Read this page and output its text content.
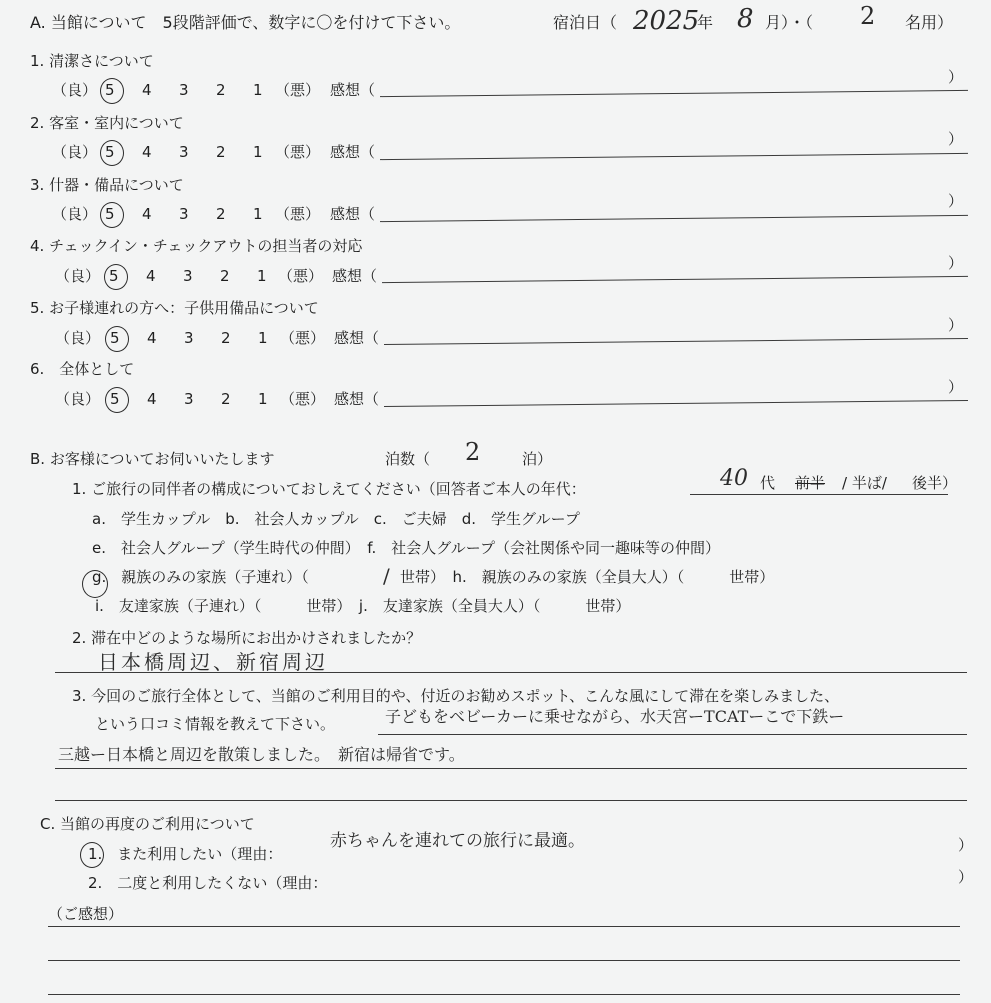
A. 当館について　5段階評価で、数字に〇を付けて下さい。	宿泊日（ 2025
年 8 月）・（ 2 名用）
1. 清潔さについて
（良） 5 4 3 2 1 （悪） 感想（
）
2. 客室・室内について
（良） 5 4 3 2 1 （悪） 感想（
）
3. 什器・備品について
（良） 5 4 3 2 1 （悪） 感想（
）
4. チェックイン・チェックアウトの担当者の対応
（良） 5 4 3 2 1 （悪） 感想（
）
5. お子様連れの方へ：子供用備品について
（良） 5 4 3 2 1 （悪） 感想（
）
6.　全体として
（良） 5 4 3 2 1 （悪） 感想（
）
B. お客様についてお伺いいたします	泊数（ 2	泊）
1. ご旅行の同伴者の構成についておしえてください（回答者ご本人の年代：	40 代 前半 / 半ば/ 後半）
a.　学生カップル　b.　社会人カップル　c.　ご夫婦　d.　学生グループ
e.　社会人グループ（学生時代の仲間）　f.　社会人グループ（会社関係や同一趣味等の仲間）
g.　親族のみの家族（子連れ）（	/ 世帯）　h.　親族のみの家族（全員大人）（　　　世帯）
i.　友達家族（子連れ）（　　　世帯）　j.　友達家族（全員大人）（　　　世帯）
2. 滞在中どのような場所にお出かけされましたか？
日本橋周辺、新宿周辺
3. 今回のご旅行全体として、当館のご利用目的や、付近のお勧めスポット、こんな風にして滞在を楽しみました、
という口コミ情報を教えて下さい。	子どもをベビーカーに乗せながら、水天宮ーTCATーこで下鉄ー
三越ー日本橋と周辺を散策しました。　新宿は帰省です。
C. 当館の再度のご利用について
1.　また利用したい（理由：
赤ちゃんを連れての旅行に最適。	）
2.　二度と利用したくない（理由：	）
（ご感想）
